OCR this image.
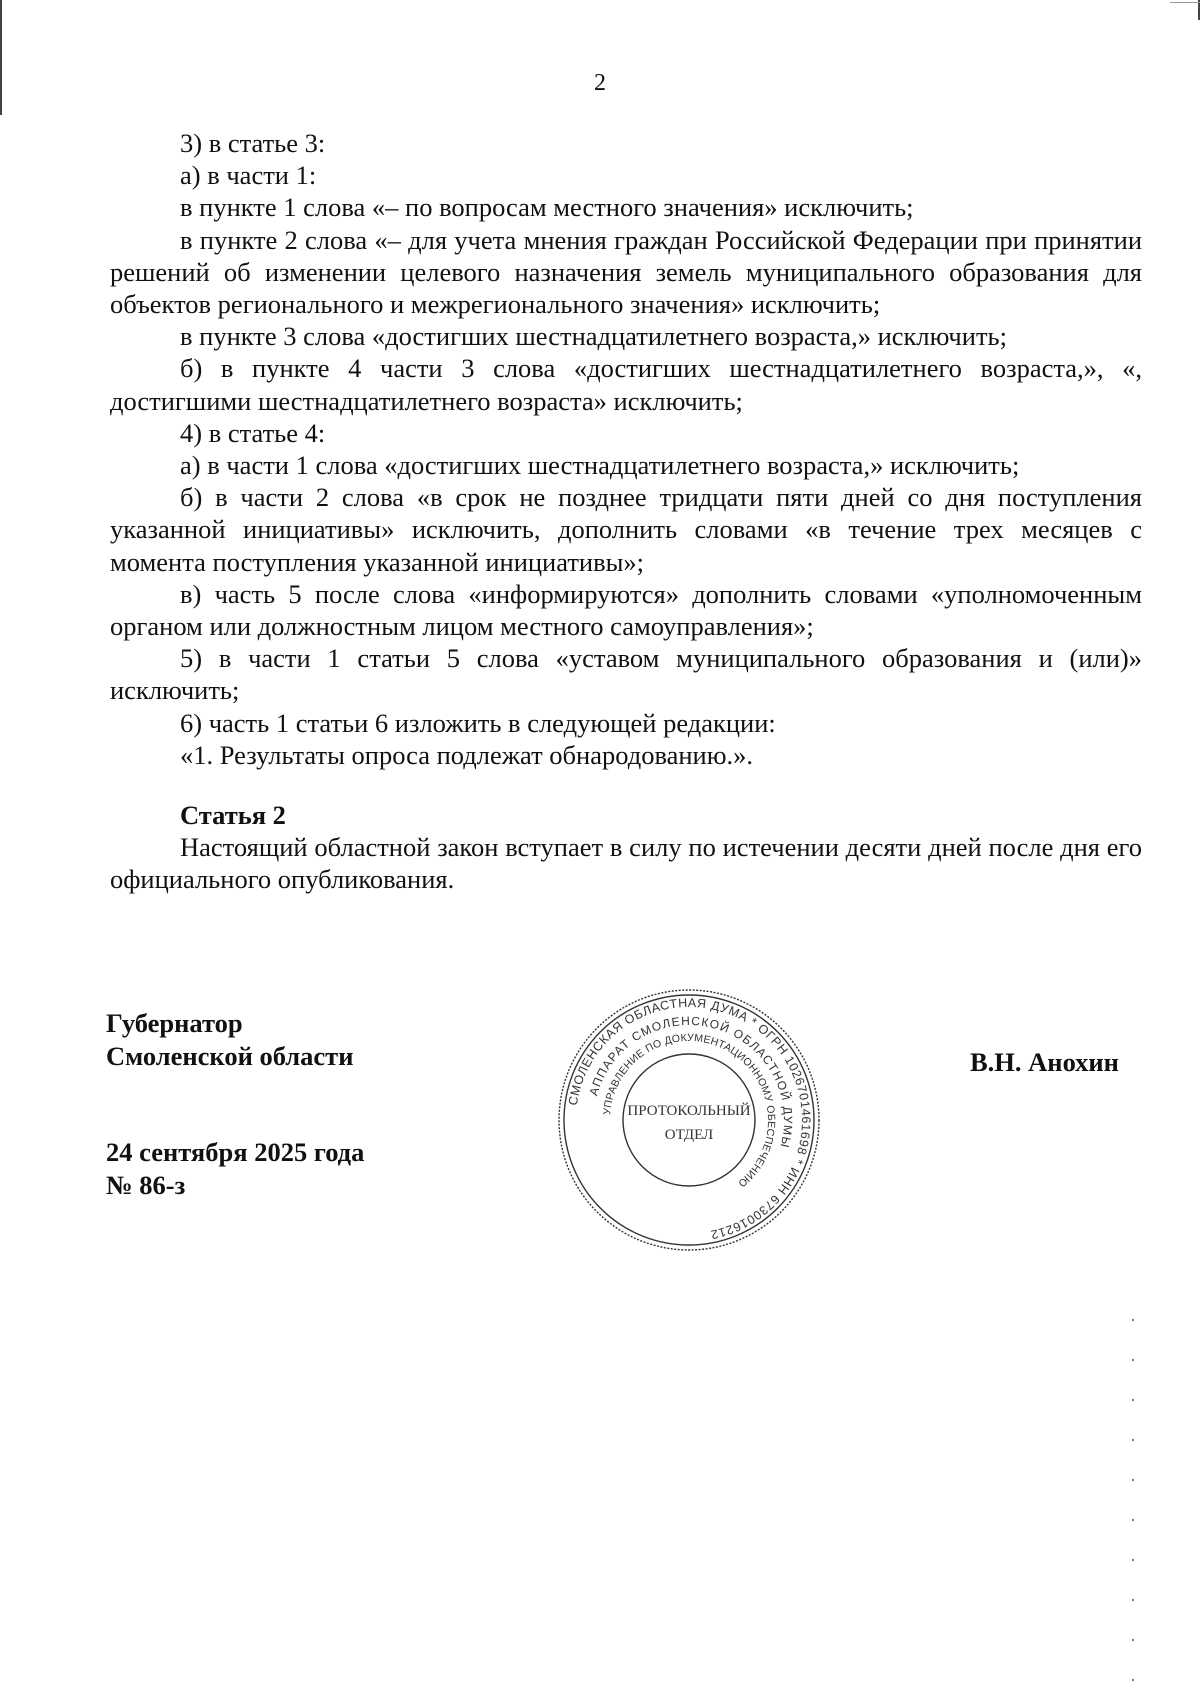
2

3) в статье 3:

а) в части 1:

в пункте 1 слова «– по вопросам местного значения» исключить;

в пункте 2 слова «– для учета мнения граждан Российской Федерации при принятии решений об изменении целевого назначения земель муниципального образования для объектов регионального и межрегионального значения» исключить;

в пункте 3 слова «достигших шестнадцатилетнего возраста,» исключить;

б) в пункте 4 части 3 слова «достигших шестнадцатилетнего возраста,», «, достигшими шестнадцатилетнего возраста» исключить;

4) в статье 4:

а) в части 1 слова «достигших шестнадцатилетнего возраста,» исключить;

б) в части 2 слова «в срок не позднее тридцати пяти дней со дня поступления указанной инициативы» исключить, дополнить словами «в течение трех месяцев с момента поступления указанной инициативы»;

в) часть 5 после слова «информируются» дополнить словами «уполномоченным органом или должностным лицом местного самоуправления»;

5) в части 1 статьи 5 слова «уставом муниципального образования и (или)» исключить;

6) часть 1 статьи 6 изложить в следующей редакции:

«1. Результаты опроса подлежат обнародованию.».

Статья 2

Настоящий областной закон вступает в силу по истечении десяти дней после дня его официального опубликования.

Губернатор
Смоленской области	В.Н. Анохин
24 сентября 2025 года
№ 86-з
СМОЛЕНСКАЯ ОБЛАСТНАЯ ДУМА * ОГРН 1026701461698 * ИНН 6730016212
АППАРАТ СМОЛЕНСКОЙ ОБЛАСТНОЙ ДУМЫ
УПРАВЛЕНИЕ ПО ДОКУМЕНТАЦИОННОМУ ОБЕСПЕЧЕНИЮ
ПРОТОКОЛЬНЫЙ
ОТДЕЛ
